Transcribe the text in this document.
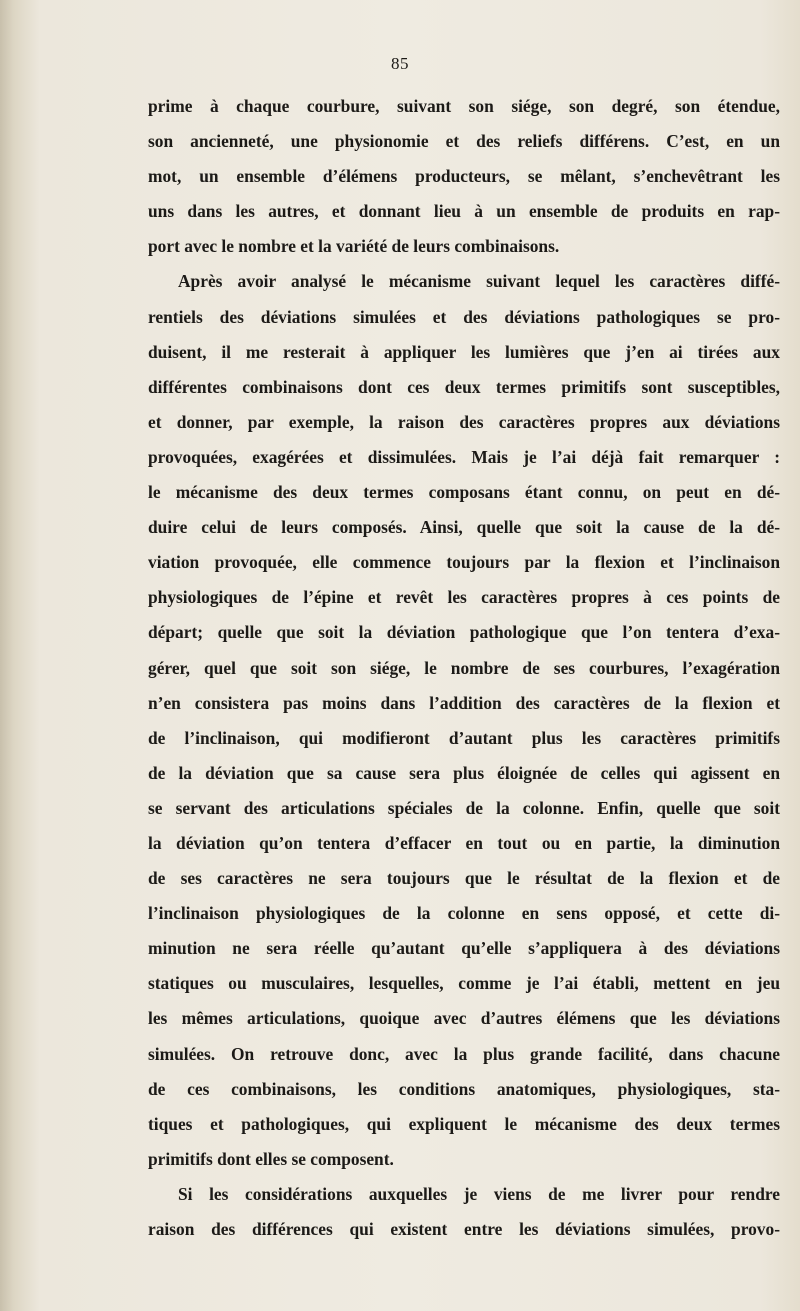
85
prime à chaque courbure, suivant son siége, son degré, son étendue,
son ancienneté, une physionomie et des reliefs différens. C’est, en un
mot, un ensemble d’élémens producteurs, se mêlant, s’enchevêtrant les
uns dans les autres, et donnant lieu à un ensemble de produits en rap-
port avec le nombre et la variété de leurs combinaisons.
Après avoir analysé le mécanisme suivant lequel les caractères diffé-
rentiels des déviations simulées et des déviations pathologiques se pro-
duisent, il me resterait à appliquer les lumières que j’en ai tirées aux
différentes combinaisons dont ces deux termes primitifs sont susceptibles,
et donner, par exemple, la raison des caractères propres aux déviations
provoquées, exagérées et dissimulées. Mais je l’ai déjà fait remarquer :
le mécanisme des deux termes composans étant connu, on peut en dé-
duire celui de leurs composés. Ainsi, quelle que soit la cause de la dé-
viation provoquée, elle commence toujours par la flexion et l’inclinaison
physiologiques de l’épine et revêt les caractères propres à ces points de
départ; quelle que soit la déviation pathologique que l’on tentera d’exa-
gérer, quel que soit son siége, le nombre de ses courbures, l’exagération
n’en consistera pas moins dans l’addition des caractères de la flexion et
de l’inclinaison, qui modifieront d’autant plus les caractères primitifs
de la déviation que sa cause sera plus éloignée de celles qui agissent en
se servant des articulations spéciales de la colonne. Enfin, quelle que soit
la déviation qu’on tentera d’effacer en tout ou en partie, la diminution
de ses caractères ne sera toujours que le résultat de la flexion et de
l’inclinaison physiologiques de la colonne en sens opposé, et cette di-
minution ne sera réelle qu’autant qu’elle s’appliquera à des déviations
statiques ou musculaires, lesquelles, comme je l’ai établi, mettent en jeu
les mêmes articulations, quoique avec d’autres élémens que les déviations
simulées. On retrouve donc, avec la plus grande facilité, dans chacune
de ces combinaisons, les conditions anatomiques, physiologiques, sta-
tiques et pathologiques, qui expliquent le mécanisme des deux termes
primitifs dont elles se composent.
Si les considérations auxquelles je viens de me livrer pour rendre
raison des différences qui existent entre les déviations simulées, provo-
